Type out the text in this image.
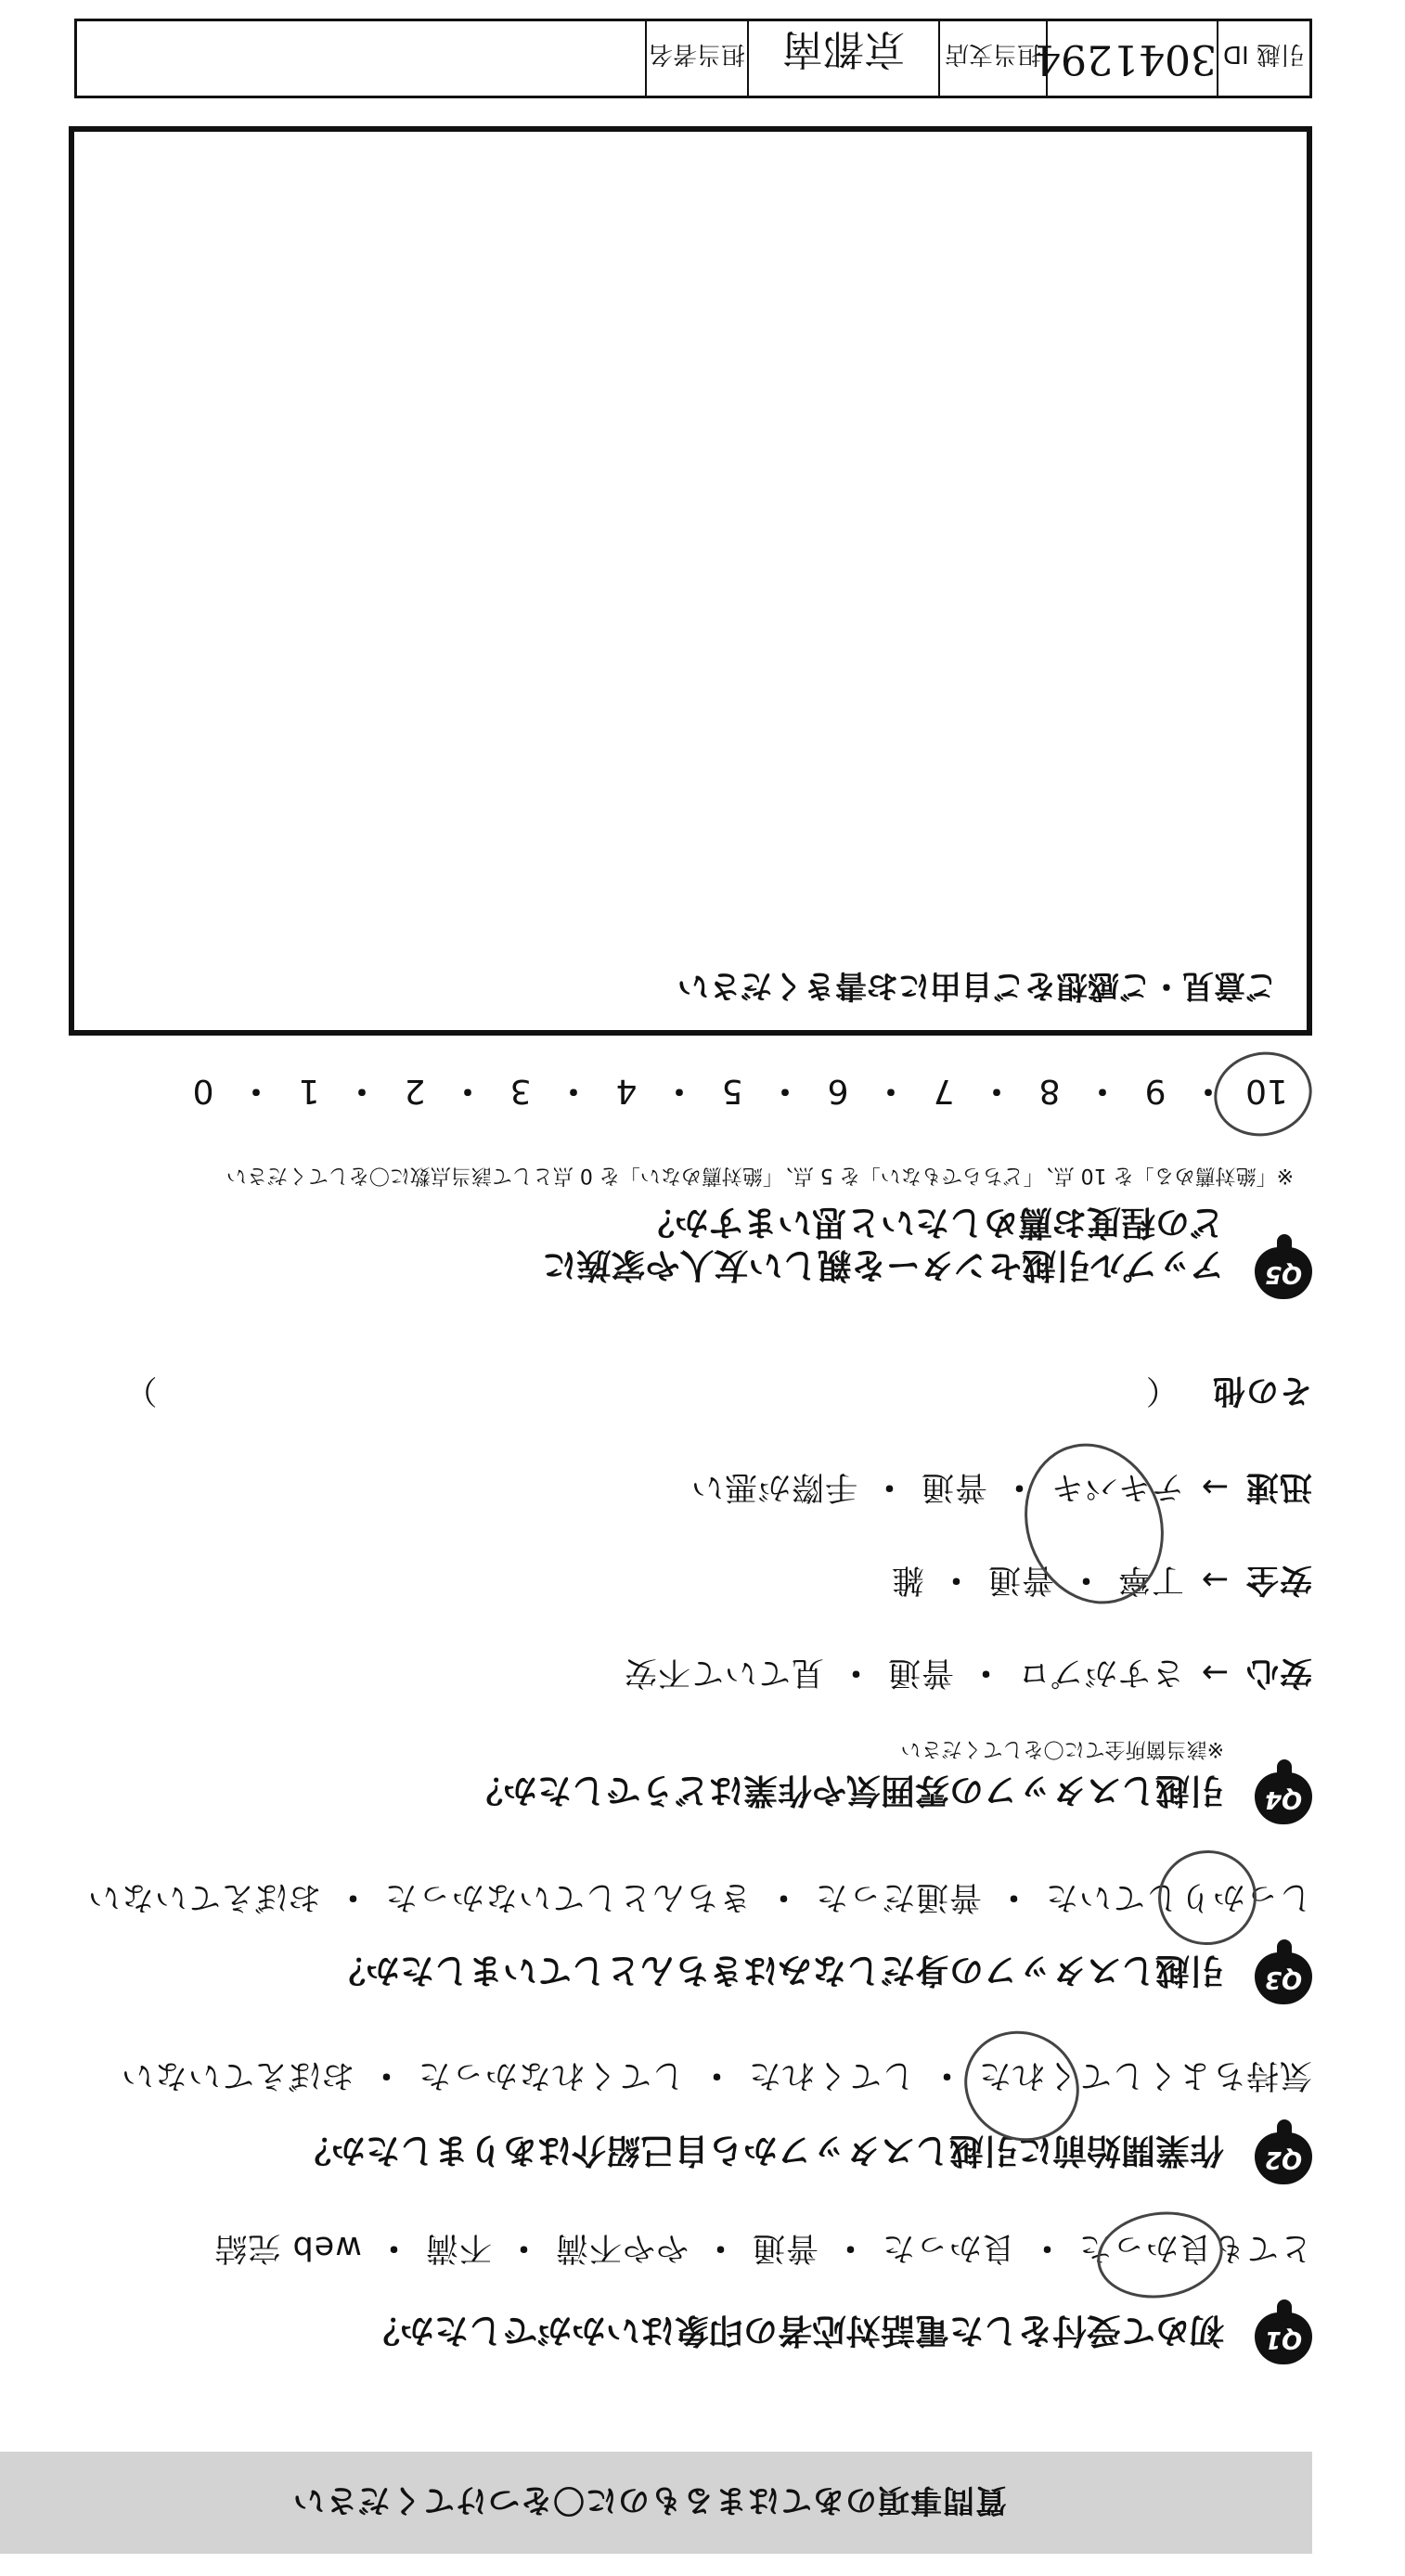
質問事項のあてはまるものに〇をつけてください
Q1
初めて受付をした電話対応者の印象はいかがでしたか？
とても良かった・良かった・普通・やや不満・不満・web 完結
Q2
作業開始前に引越しスタッフから自己紹介はありましたか？
気持ちよくしてくれた・してくれた・してくれなかった・おぼえていない
Q3
引越しスタッフの身だしなみはきちんとしていましたか？
しっかりしていた・普通だった・きちんとしていなかった・おぼえていない
Q4
引越しスタッフの雰囲気や作業はどうでしたか？
※該当箇所全てに〇をしてください
安心→さすがプロ・普通・見ていて不安
安全→丁寧・普通・雑
迅速→テキパキ・普通・手際が悪い
その他 （  ）
Q5
アップル引越センターを親しい友人や家族に
どの程度お薦めしたいと思いますか？
※「絶対薦める」を 10 点、「どちらでもない」を 5 点、「絶対薦めない」を 0 点として該当点数に〇をしてください
10・9・8・7・6・5・4・3・2・1・0
ご意見・ご感想をご自由にお書きください
引越 ID
3041294
担当支店
京都南
担当者名
